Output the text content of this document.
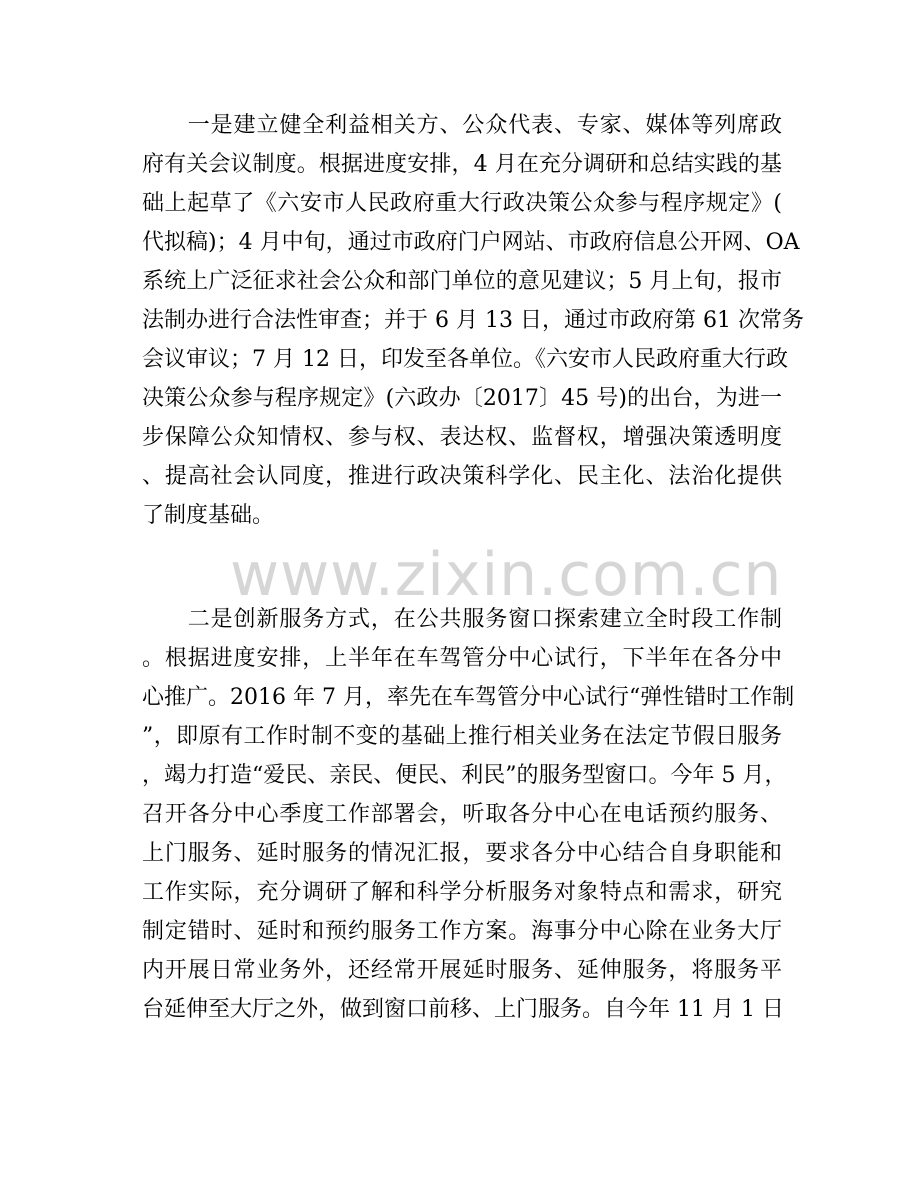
　　一是建立健全利益相关方、公众代表、专家、媒体等列席政
府有关会议制度。根据进度安排，4 月在充分调研和总结实践的基
础上起草了《六安市人民政府重大行政决策公众参与程序规定》(
代拟稿)；4 月中旬，通过市政府门户网站、市政府信息公开网、OA
系统上广泛征求社会公众和部门单位的意见建议；5 月上旬，报市
法制办进行合法性审查；并于 6 月 13 日，通过市政府第 61 次常务
会议审议；7 月 12 日，印发至各单位。《六安市人民政府重大行政
决策公众参与程序规定》(六政办〔2017〕45 号)的出台，为进一
步保障公众知情权、参与权、表达权、监督权，增强决策透明度
、提高社会认同度，推进行政决策科学化、民主化、法治化提供
了制度基础。
www.zixin.com.cn
　　二是创新服务方式，在公共服务窗口探索建立全时段工作制
。根据进度安排，上半年在车驾管分中心试行，下半年在各分中
心推广。2016 年 7 月，率先在车驾管分中心试行“弹性错时工作制
”，即原有工作时制不变的基础上推行相关业务在法定节假日服务
，竭力打造“爱民、亲民、便民、利民”的服务型窗口。今年 5 月，
召开各分中心季度工作部署会，听取各分中心在电话预约服务、
上门服务、延时服务的情况汇报，要求各分中心结合自身职能和
工作实际，充分调研了解和科学分析服务对象特点和需求，研究
制定错时、延时和预约服务工作方案。海事分中心除在业务大厅
内开展日常业务外，还经常开展延时服务、延伸服务，将服务平
台延伸至大厅之外，做到窗口前移、上门服务。自今年 11 月 1 日
